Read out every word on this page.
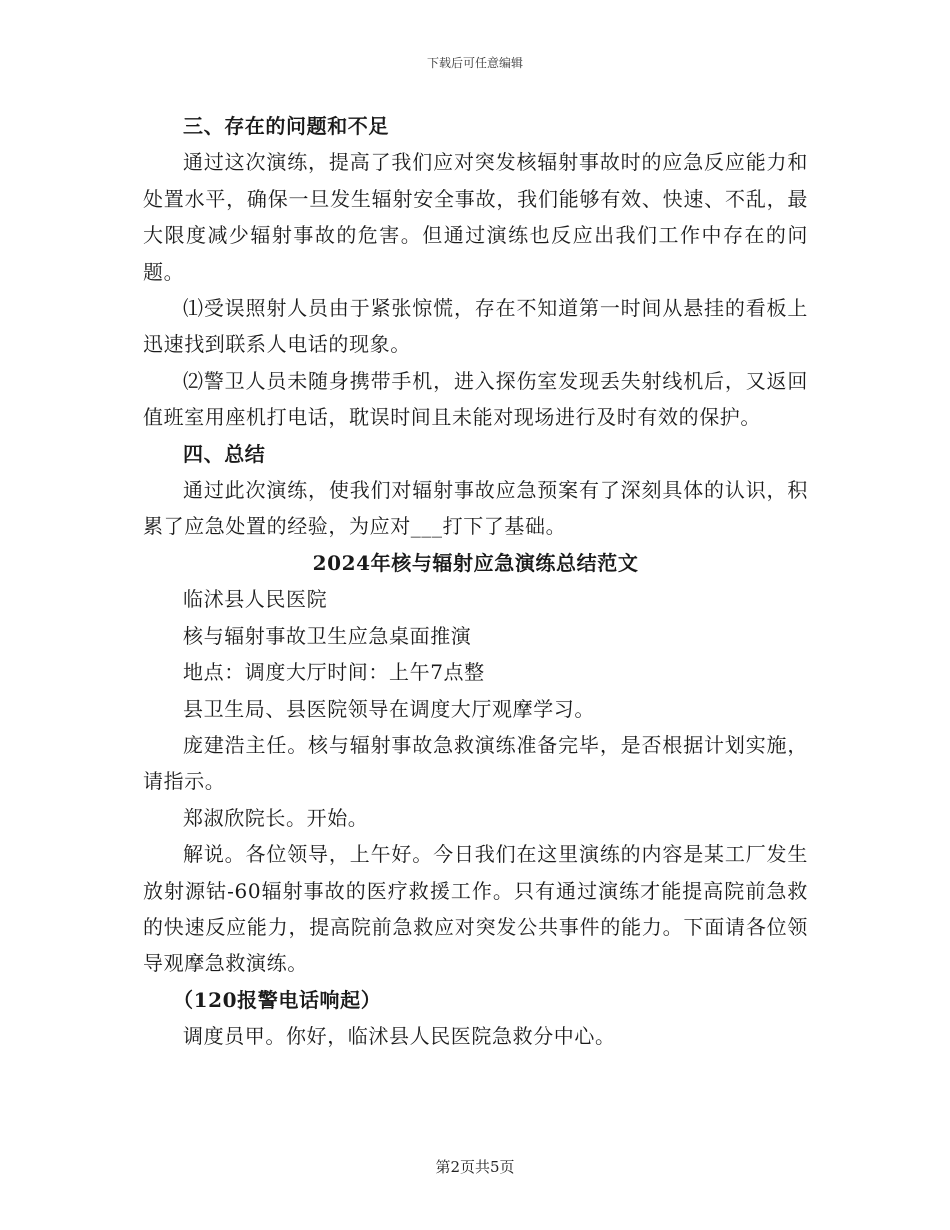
下载后可任意编辑

三、存在的问题和不足

通过这次演练，提高了我们应对突发核辐射事故时的应急反应能力和处置水平，确保一旦发生辐射安全事故，我们能够有效、快速、不乱，最大限度减少辐射事故的危害。但通过演练也反应出我们工作中存在的问题。

⑴受误照射人员由于紧张惊慌，存在不知道第一时间从悬挂的看板上迅速找到联系人电话的现象。

⑵警卫人员未随身携带手机，进入探伤室发现丢失射线机后，又返回值班室用座机打电话，耽误时间且未能对现场进行及时有效的保护。

四、总结

通过此次演练，使我们对辐射事故应急预案有了深刻具体的认识，积累了应急处置的经验，为应对___打下了基础。

2024年核与辐射应急演练总结范文

临沭县人民医院

核与辐射事故卫生应急桌面推演

地点：调度大厅时间：上午7点整

县卫生局、县医院领导在调度大厅观摩学习。

庞建浩主任。核与辐射事故急救演练准备完毕，是否根据计划实施，请指示。

郑淑欣院长。开始。

解说。各位领导，上午好。今日我们在这里演练的内容是某工厂发生放射源钴-60辐射事故的医疗救援工作。只有通过演练才能提高院前急救的快速反应能力，提高院前急救应对突发公共事件的能力。下面请各位领导观摩急救演练。

（120报警电话响起）

调度员甲。你好，临沭县人民医院急救分中心。

第2页共5页
